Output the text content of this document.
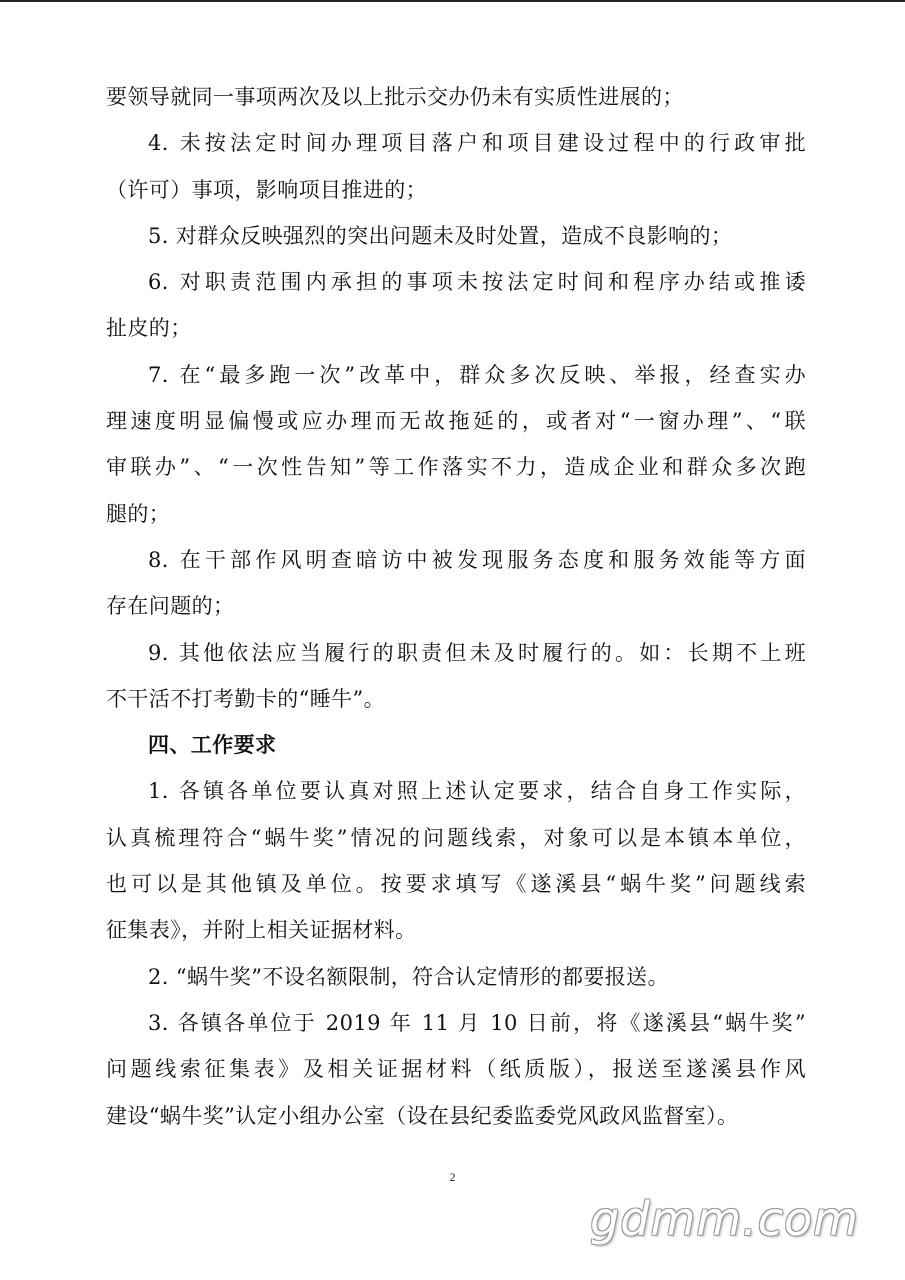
要领导就同一事项两次及以上批示交办仍未有实质性进展的；
4. 未按法定时间办理项目落户和项目建设过程中的行政审批
（许可）事项，影响项目推进的；
5. 对群众反映强烈的突出问题未及时处置，造成不良影响的；
6. 对职责范围内承担的事项未按法定时间和程序办结或推诿
扯皮的；
7. 在“最多跑一次”改革中，群众多次反映、举报，经查实办
理速度明显偏慢或应办理而无故拖延的，或者对“一窗办理”、“联
审联办”、“一次性告知”等工作落实不力，造成企业和群众多次跑
腿的；
8. 在干部作风明查暗访中被发现服务态度和服务效能等方面
存在问题的；
9. 其他依法应当履行的职责但未及时履行的。如：长期不上班
不干活不打考勤卡的“睡牛”。
四、工作要求
1. 各镇各单位要认真对照上述认定要求，结合自身工作实际，
认真梳理符合“蜗牛奖”情况的问题线索，对象可以是本镇本单位，
也可以是其他镇及单位。按要求填写《遂溪县“蜗牛奖”问题线索
征集表》，并附上相关证据材料。
2. “蜗牛奖”不设名额限制，符合认定情形的都要报送。
3. 各镇各单位于 2019 年 11 月 10 日前，将《遂溪县“蜗牛奖”
问题线索征集表》及相关证据材料（纸质版），报送至遂溪县作风
建设“蜗牛奖”认定小组办公室（设在县纪委监委党风政风监督室）。
2
gdmm.com
